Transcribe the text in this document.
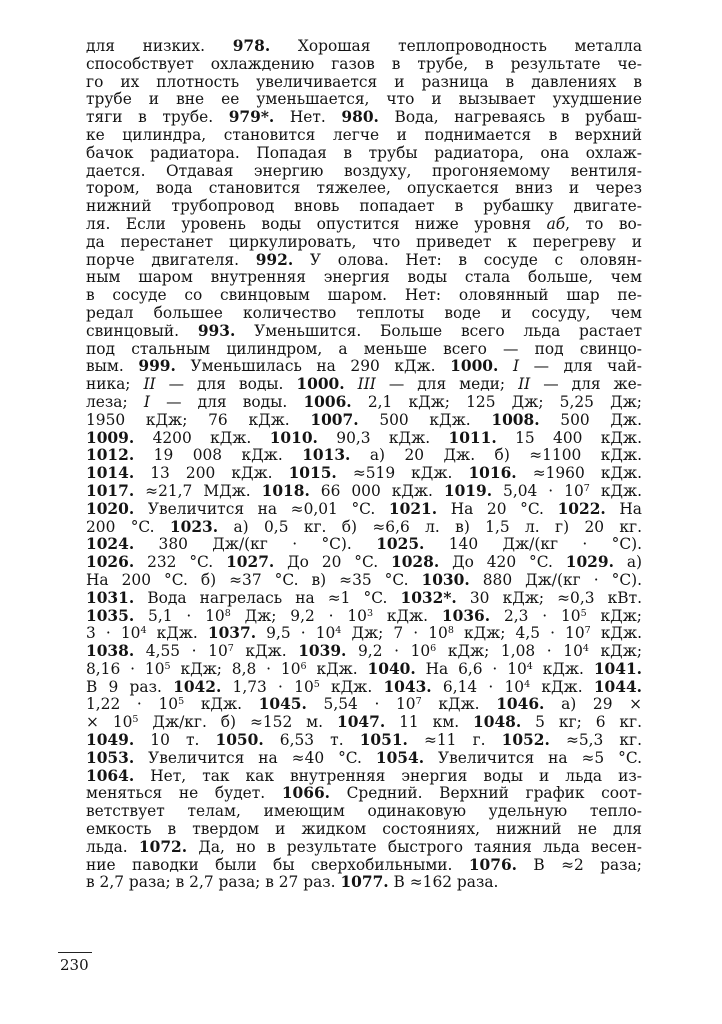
для низких. 978. Хорошая теплопроводность металла
способствует охлаждению газов в трубе, в результате че-
го их плотность увеличивается и разница в давлениях в
трубе и вне ее уменьшается, что и вызывает ухудшение
тяги в трубе. 979*. Нет. 980. Вода, нагреваясь в рубаш-
ке цилиндра, становится легче и поднимается в верхний
бачок радиатора. Попадая в трубы радиатора, она охлаж-
дается. Отдавая энергию воздуху, прогоняемому вентиля-
тором, вода становится тяжелее, опускается вниз и через
нижний трубопровод вновь попадает в рубашку двигате-
ля. Если уровень воды опустится ниже уровня аб, то во-
да перестанет циркулировать, что приведет к перегреву и
порче двигателя. 992. У олова. Нет: в сосуде с оловян-
ным шаром внутренняя энергия воды стала больше, чем
в сосуде со свинцовым шаром. Нет: оловянный шар пе-
редал большее количество теплоты воде и сосуду, чем
свинцовый. 993. Уменьшится. Больше всего льда растает
под стальным цилиндром, а меньше всего — под свинцо-
вым. 999. Уменьшилась на 290 кДж. 1000. I — для чай-
ника; II — для воды. 1000. III — для меди; II — для же-
леза; I — для воды. 1006. 2,1 кДж; 125 Дж; 5,25 Дж;
1950 кДж; 76 кДж. 1007. 500 кДж. 1008. 500 Дж.
1009. 4200 кДж. 1010. 90,3 кДж. 1011. 15 400 кДж.
1012. 19 008 кДж. 1013. а) 20 Дж. б) ≈1100 кДж.
1014. 13 200 кДж. 1015. ≈519 кДж. 1016. ≈1960 кДж.
1017. ≈21,7 МДж. 1018. 66 000 кДж. 1019. $5,04 \cdot 10^7$ кДж.
1020. Увеличится на ≈0,01 °C. 1021. На 20 °C. 1022. На
200 °C. 1023. а) 0,5 кг. б) ≈6,6 л. в) 1,5 л. г) 20 кг.
1024. 380 Дж/(кг · °C). 1025. 140 Дж/(кг · °C).
1026. 232 °C. 1027. До 20 °C. 1028. До 420 °C. 1029. а)
На 200 °C. б) ≈37 °C. в) ≈35 °C. 1030. 880 Дж/(кг · °C).
1031. Вода нагрелась на ≈1 °C. 1032*. 30 кДж; ≈0,3 кВт.
1035. $5,1 \cdot 10^8$ Дж; $9,2 \cdot 10^3$ кДж. 1036. $2,3 \cdot 10^5$ кДж;
$3 \cdot 10^4$ кДж. 1037. $9,5 \cdot 10^4$ Дж; $7 \cdot 10^8$ кДж; $4,5 \cdot 10^7$ кДж.
1038. $4,55 \cdot 10^7$ кДж. 1039. $9,2 \cdot 10^6$ кДж; $1,08 \cdot 10^4$ кДж;
$8,16 \cdot 10^5$ кДж; $8,8 \cdot 10^6$ кДж. 1040. На $6,6 \cdot 10^4$ кДж. 1041.
В 9 раз. 1042. $1,73 \cdot 10^5$ кДж. 1043. $6,14 \cdot 10^4$ кДж. 1044.
$1,22 \cdot 10^5$ кДж. 1045. $5,54 \cdot 10^7$ кДж. 1046. а) 29 ×
× $10^5$ Дж/кг. б) ≈152 м. 1047. 11 км. 1048. 5 кг; 6 кг.
1049. 10 т. 1050. 6,53 т. 1051. ≈11 г. 1052. ≈5,3 кг.
1053. Увеличится на ≈40 °C. 1054. Увеличится на ≈5 °C.
1064. Нет, так как внутренняя энергия воды и льда из-
меняться не будет. 1066. Средний. Верхний график соот-
ветствует телам, имеющим одинаковую удельную тепло-
емкость в твердом и жидком состояниях, нижний не для
льда. 1072. Да, но в результате быстрого таяния льда весен-
ние паводки были бы сверхобильными. 1076. В ≈2 раза;
в 2,7 раза; в 2,7 раза; в 27 раз. 1077. В ≈162 раза.
230
